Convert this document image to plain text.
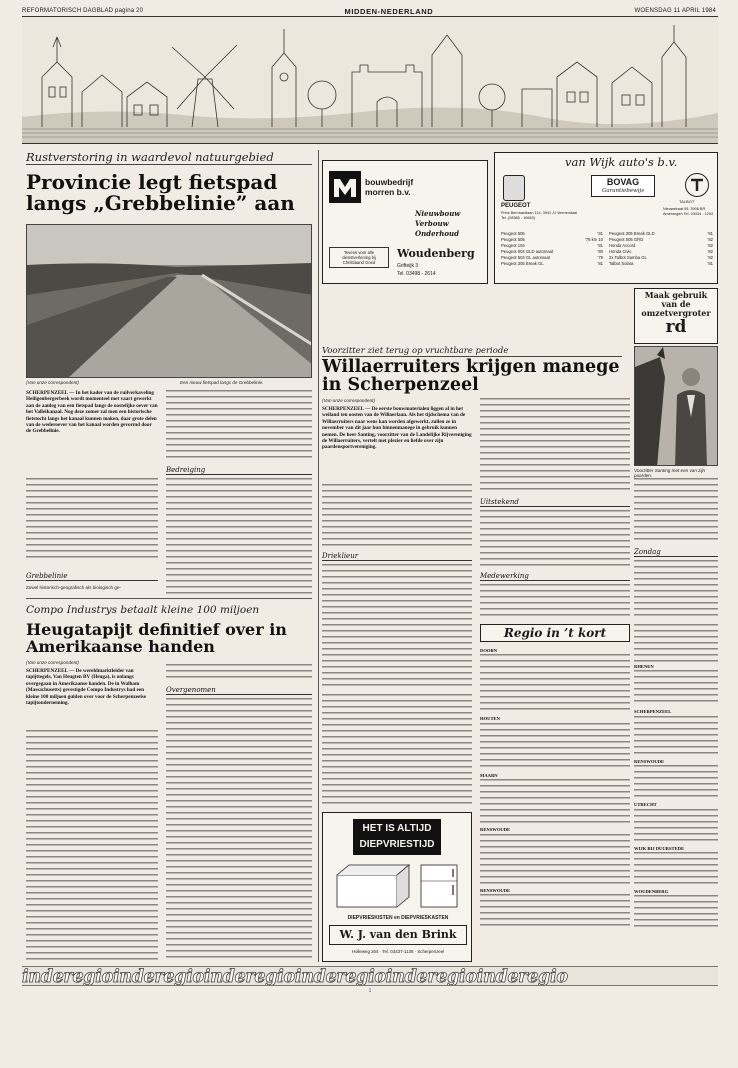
REFORMATORISCH DAGBLAD pagina 20	MIDDEN-NEDERLAND	WOENSDAG 11 APRIL 1984
Rustverstoring in waardevol natuurgebied
Provincie legt fietspad langs „Grebbelinie” aan
(Van onze correspondent)	Een nieuw fietspad langs de Grebbelinie.
SCHERPENZEEL — In het kader van de ruilverkaveling Heiligenbergerbeek wordt momenteel met vaart gewerkt aan de aanleg van een fietspad langs de oostelijke oever van het Valleikanaal. Nog deze zomer zal men een historische fietstocht langs het kanaal kunnen maken, daar grote delen van de wederoever van het kanaal worden gevormd door de Grebbelinie.
Grebbelinie
Zowel historisch-geografisch als biologisch ge-
Bedreiging
Compo Industrys betaalt kleine 100 miljoen
Heugatapijt definitief over in Amerikaanse handen
(Van onze correspondent)
SCHERPENZEEL — De wereldmarktleider van tapijttegels, Van Heugten BV (Heuga), is onlangs overgegaan in Amerikaanse handen. De in Walham (Massachusetts) gevestigde Compo Industrys had een kleine 100 miljoen gulden over voor de Scherpenzeelse tapijtonderneming.
Overgenomen
bouwbedrijf
morren b.v.
Nieuwbouw
Verbouw
Onderhoud
Tevens voor alle dienstverlening bij Christiaand Goed
Woudenberg
Grifteijk 3
Tel. 03498 - 2614
van Wijk auto's b.v.
PEUGEOT
Prins Bernhardlaan 114, 3941 JJ Veenendaal Tel. (08385 - 16663)
BOVAG
Garantiebewijs
TALBOT
Nieuwstraat 95, 3906 BR Amerongen Tel. 03434 - 1294
Peugeot 505	'81
Peugeot 505	'78 km 10
Peugeot 104	'81
Peugeot 504 GLD automaat	'80
Peugeot 504 GL automaat	'79
Peugeot 305 Break GL	'81
Peugeot 305 Break GLD	'81
Peugeot 505 GRD	'82
Honda Accord	'82
Honda Civic	'82
2x Talbot Samba GL	'82
Talbot Solara	'81
Maak gebruik
van de
omzetvergroter
rd
Voorzitter ziet terug op vruchtbare periode
Willaerruiters krijgen manege in Scherpenzeel
(Van onze correspondent)
SCHERPENZEEL — De eerste bouwmaterialen liggen al in het weiland ten oosten van de Willaerlaan. Als het tijdschema van de Willaerruiters naar wens kan worden afgewerkt, zullen ze in november van dit jaar hun binnenmanege in gebruik kunnen nemen. De heer Santing, voorzitter van de Landelijke Rijvereniging de Willaerruiters, vertelt met plezier en liefde over zijn paardensportvereniging.
Drieklieur
Uitstekend
Medewerking
Voorzitter Santing met een van zijn paarden.
Zondag
Regio in ’t kort
DOORN
HOUTEN
MAARN
RENSWOUDE
RENSWOUDE
RHENEN
SCHERPENZEEL
RENSWOUDE
UTRECHT
WIJK BIJ DUURSTEDE
WOUDENBERG
HET IS ALTIJD
DIEPVRIESTIJD
DIEPVRIESKISTEN en DIEPVRIESKASTEN
W. J. van den Brink
Holleweg 264 · Tel. 03437-1136 · Scherpenzeel
inderegioinderegioinderegioinderegioinderegioinderegio
1
